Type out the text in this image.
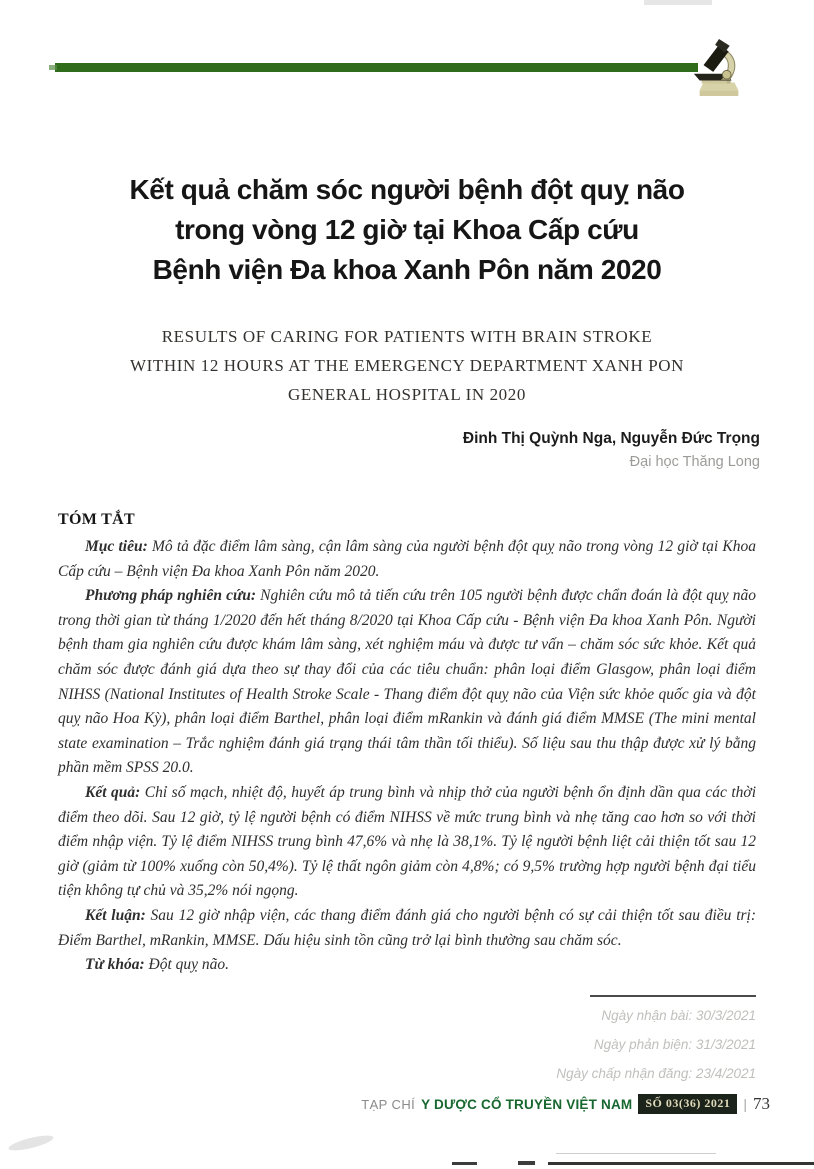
Kết quả chăm sóc người bệnh đột quỵ não
trong vòng 12 giờ tại Khoa Cấp cứu
Bệnh viện Đa khoa Xanh Pôn năm 2020
RESULTS OF CARING FOR PATIENTS WITH BRAIN STROKE
WITHIN 12 HOURS AT THE EMERGENCY DEPARTMENT XANH PON
GENERAL HOSPITAL IN 2020
Đinh Thị Quỳnh Nga, Nguyễn Đức Trọng
Đại học Thăng Long
TÓM TẮT

Mục tiêu: Mô tả đặc điểm lâm sàng, cận lâm sàng của người bệnh đột quỵ não trong vòng 12 giờ tại Khoa Cấp cứu – Bệnh viện Đa khoa Xanh Pôn năm 2020.

Phương pháp nghiên cứu: Nghiên cứu mô tả tiến cứu trên 105 người bệnh được chẩn đoán là đột quỵ não trong thời gian từ tháng 1/2020 đến hết tháng 8/2020 tại Khoa Cấp cứu - Bệnh viện Đa khoa Xanh Pôn. Người bệnh tham gia nghiên cứu được khám lâm sàng, xét nghiệm máu và được tư vấn – chăm sóc sức khỏe. Kết quả chăm sóc được đánh giá dựa theo sự thay đổi của các tiêu chuẩn: phân loại điểm Glasgow, phân loại điểm NIHSS (National Institutes of Health Stroke Scale - Thang điểm đột quỵ não của Viện sức khỏe quốc gia và đột quỵ não Hoa Kỳ), phân loại điểm Barthel, phân loại điểm mRankin và đánh giá điểm MMSE (The mini mental state examination – Trắc nghiệm đánh giá trạng thái tâm thần tối thiểu). Số liệu sau thu thập được xử lý bằng phần mềm SPSS 20.0.

Kết quả: Chỉ số mạch, nhiệt độ, huyết áp trung bình và nhịp thở của người bệnh ổn định dần qua các thời điểm theo dõi. Sau 12 giờ, tỷ lệ người bệnh có điểm NIHSS về mức trung bình và nhẹ tăng cao hơn so với thời điểm nhập viện. Tỷ lệ điểm NIHSS trung bình 47,6% và nhẹ là 38,1%. Tỷ lệ người bệnh liệt cải thiện tốt sau 12 giờ (giảm từ 100% xuống còn 50,4%). Tỷ lệ thất ngôn giảm còn 4,8%; có 9,5% trường hợp người bệnh đại tiểu tiện không tự chủ và 35,2% nói ngọng.

Kết luận: Sau 12 giờ nhập viện, các thang điểm đánh giá cho người bệnh có sự cải thiện tốt sau điều trị: Điểm Barthel, mRankin, MMSE. Dấu hiệu sinh tồn cũng trở lại bình thường sau chăm sóc.

Từ khóa: Đột quỵ não.

Ngày nhận bài: 30/3/2021
Ngày phản biện: 31/3/2021
Ngày chấp nhận đăng: 23/4/2021
TẠP CHÍ Y DƯỢC CỔ TRUYỀN VIỆT NAM	SỐ 03(36) 2021 | 73
